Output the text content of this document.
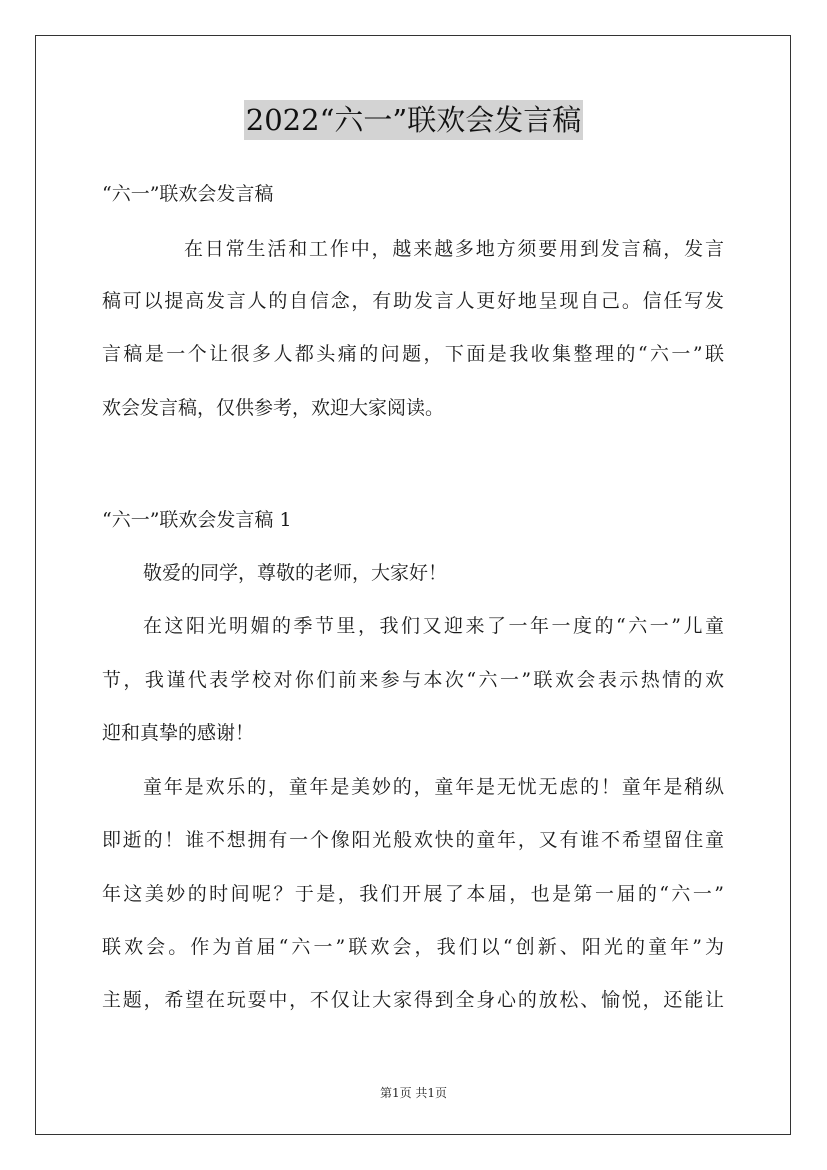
2022“六一”联欢会发言稿
“六一”联欢会发言稿
在日常生活和工作中，越来越多地方须要用到发言稿，发言
稿可以提高发言人的自信念，有助发言人更好地呈现自己。信任写发
言稿是一个让很多人都头痛的问题，下面是我收集整理的“六一”联
欢会发言稿，仅供参考，欢迎大家阅读。
“六一”联欢会发言稿 1
敬爱的同学，尊敬的老师，大家好！
在这阳光明媚的季节里，我们又迎来了一年一度的“六一”儿童
节，我谨代表学校对你们前来参与本次“六一”联欢会表示热情的欢
迎和真挚的感谢！
童年是欢乐的，童年是美妙的，童年是无忧无虑的！童年是稍纵
即逝的！谁不想拥有一个像阳光般欢快的童年，又有谁不希望留住童
年这美妙的时间呢？于是，我们开展了本届，也是第一届的“六一”
联欢会。作为首届“六一”联欢会，我们以“创新、阳光的童年”为
主题，希望在玩耍中，不仅让大家得到全身心的放松、愉悦，还能让
第1页 共1页
